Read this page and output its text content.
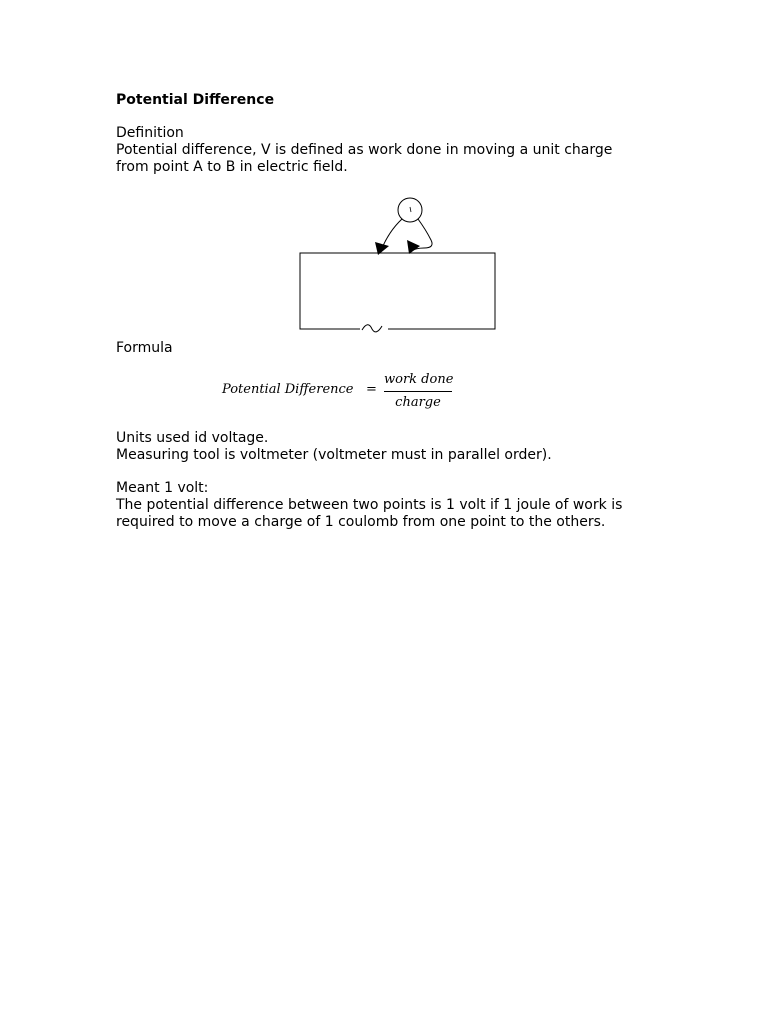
Potential Difference
Definition
Potential difference, V is defined as work done in moving a unit charge
from point A to B in electric field.
Formula
Potential Difference =
work done
charge
Units used id voltage.
Measuring tool is voltmeter (voltmeter must in parallel order).
Meant 1 volt:
The potential difference between two points is 1 volt if 1 joule of work is
required to move a charge of 1 coulomb from one point to the others.
